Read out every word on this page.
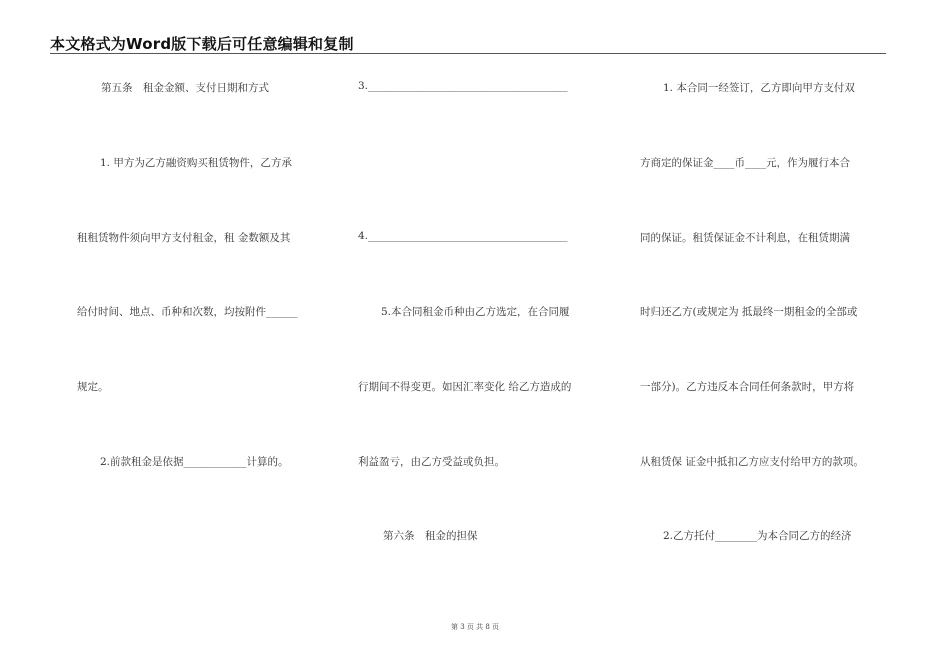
本文格式为Word版下载后可任意编辑和复制
第五条　租金金额、支付日期和方式
1. 甲方为乙方融资购买租赁物件，乙方承
租租赁物件须向甲方支付租金，租 金数额及其
给付时间、地点、币种和次数，均按附件______
规定。
2.前款租金是依据____________计算的。
3.______________________________________
4.______________________________________
5.本合同租金币种由乙方选定，在合同履
行期间不得变更。如因汇率变化 给乙方造成的
利益盈亏，由乙方受益或负担。
第六条　租金的担保
1. 本合同一经签订，乙方即向甲方支付双
方商定的保证金____币____元，作为履行本合
同的保证。租赁保证金不计利息，在租赁期满
时归还乙方(或规定为 抵最终一期租金的全部或
一部分)。乙方违反本合同任何条款时，甲方将
从租赁保 证金中抵扣乙方应支付给甲方的款项。
2.乙方托付________为本合同乙方的经济
第 3 页 共 8 页
